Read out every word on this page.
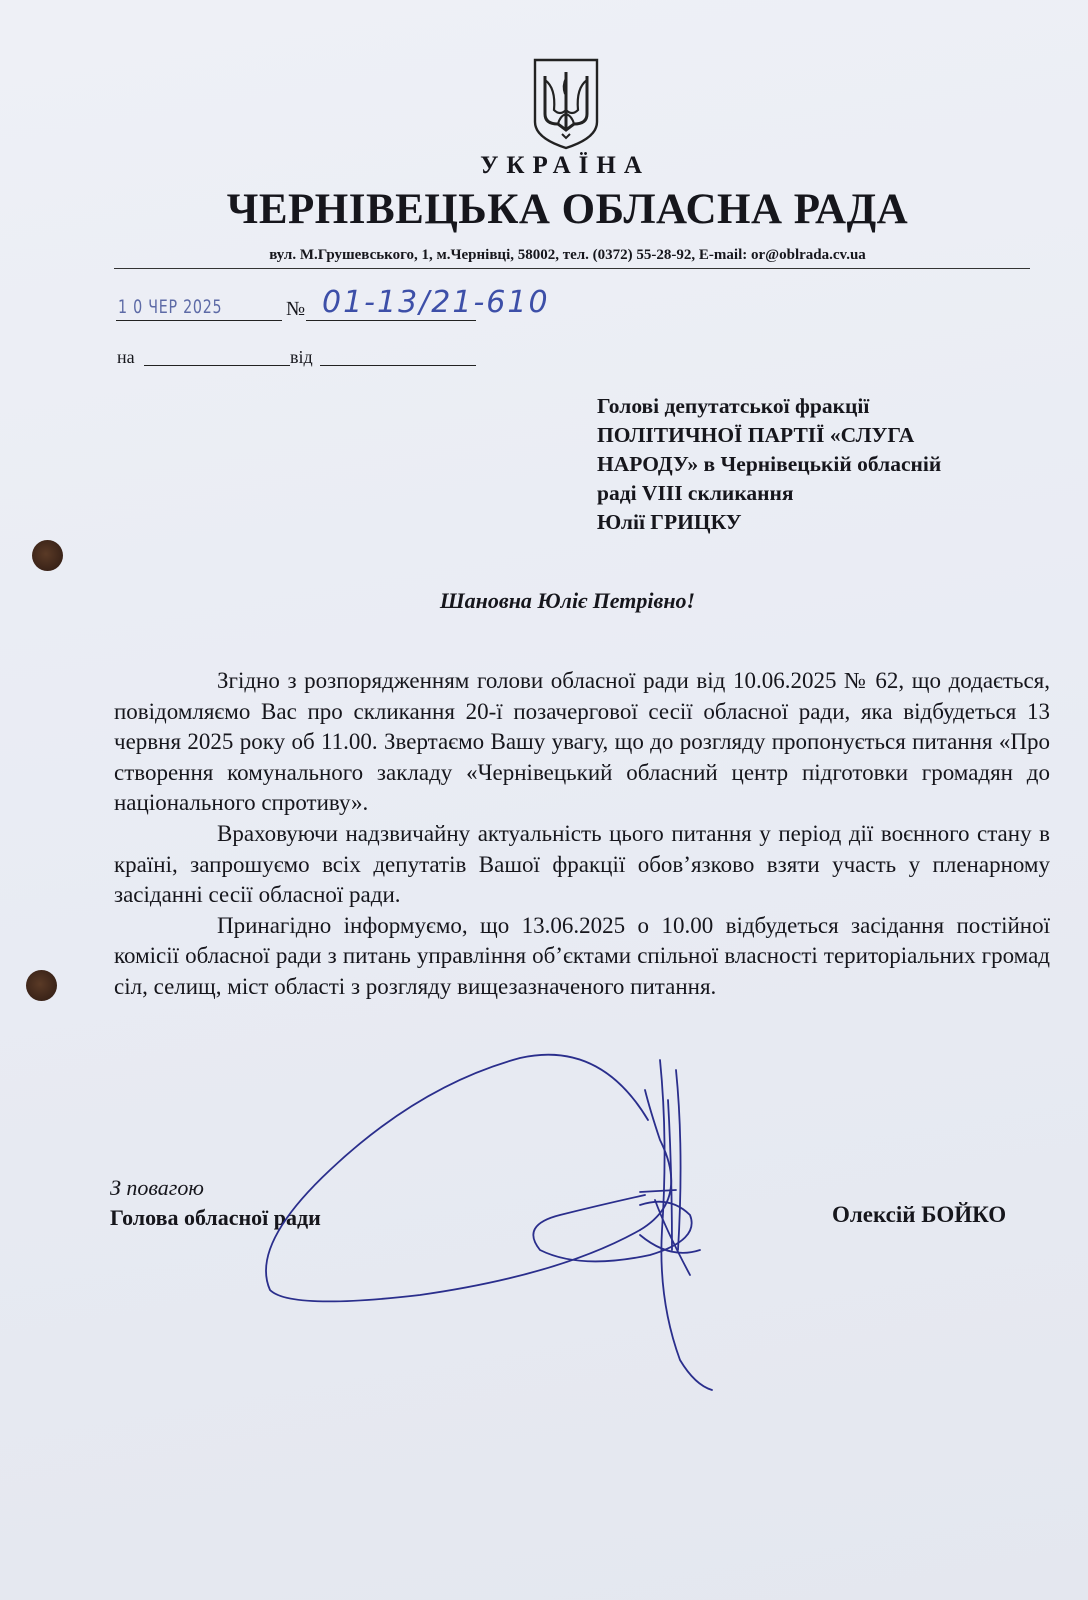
УКРАЇНА
ЧЕРНІВЕЦЬКА ОБЛАСНА РАДА
вул. М.Грушевського, 1, м.Чернівці, 58002, тел. (0372) 55-28-92, E-mail: or@oblrada.cv.ua
1 0 ЧЕР 2025	№ 01-13/21-610
на	від
Голові депутатської фракції
ПОЛІТИЧНОЇ ПАРТІЇ «СЛУГА
НАРОДУ» в Чернівецькій обласній
раді VIII скликання
Юлії ГРИЦКУ
Шановна Юліє Петрівно!

Згідно з розпорядженням голови обласної ради від 10.06.2025 № 62, що додається, повідомляємо Вас про скликання 20-ї позачергової сесії обласної ради, яка відбудеться 13 червня 2025 року об 11.00. Звертаємо Вашу увагу, що до розгляду пропонується питання «Про створення комунального закладу «Чернівецький обласний центр підготовки громадян до національного спротиву».

Враховуючи надзвичайну актуальність цього питання у період дії воєнного стану в країні, запрошуємо всіх депутатів Вашої фракції обов’язково взяти участь у пленарному засіданні сесії обласної ради.

Принагідно інформуємо, що 13.06.2025 о 10.00 відбудеться засідання постійної комісії обласної ради з питань управління об’єктами спільної власності територіальних громад сіл, селищ, міст області з розгляду вищезазначеного питання.

З повагою
Голова обласної ради	Олексій БОЙКО
